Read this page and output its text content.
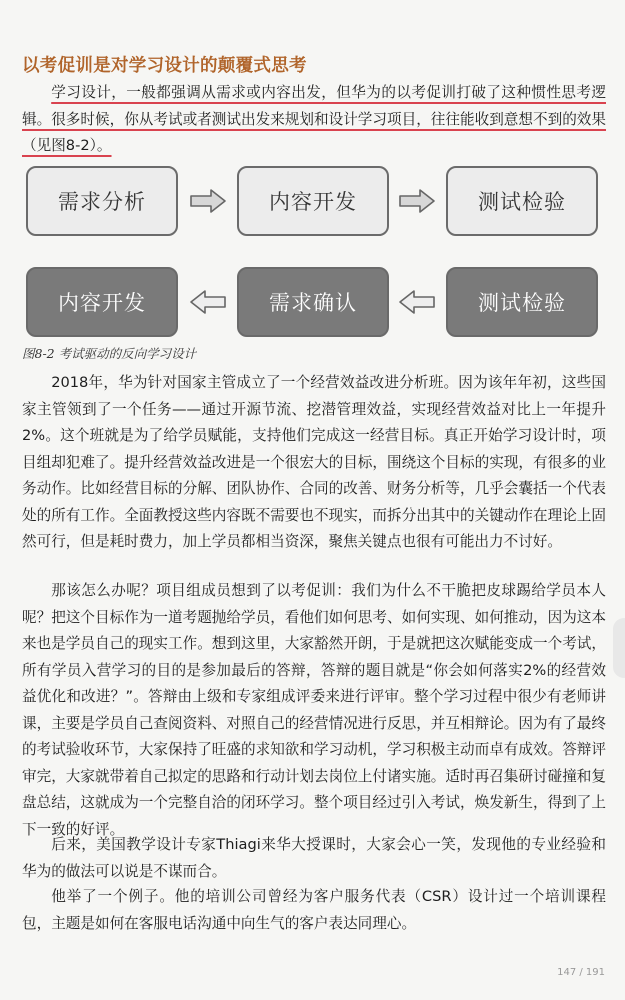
以考促训是对学习设计的颠覆式思考

学习设计，一般都强调从需求或内容出发，但华为的以考促训打破了这种惯性思考逻辑。很多时候，你从考试或者测试出发来规划和设计学习项目，往往能收到意想不到的效果（见图8-2）。

需求分析	内容开发	测试检验
内容开发	需求确认	测试检验
图8-2 考试驱动的反向学习设计

2018年，华为针对国家主管成立了一个经营效益改进分析班。因为该年年初，这些国家主管领到了一个任务——通过开源节流、挖潜管理效益，实现经营效益对比上一年提升2%。这个班就是为了给学员赋能，支持他们完成这一经营目标。真正开始学习设计时，项目组却犯难了。提升经营效益改进是一个很宏大的目标，围绕这个目标的实现，有很多的业务动作。比如经营目标的分解、团队协作、合同的改善、财务分析等，几乎会囊括一个代表处的所有工作。全面教授这些内容既不需要也不现实，而拆分出其中的关键动作在理论上固然可行，但是耗时费力，加上学员都相当资深，聚焦关键点也很有可能出力不讨好。

那该怎么办呢？项目组成员想到了以考促训：我们为什么不干脆把皮球踢给学员本人呢？把这个目标作为一道考题抛给学员，看他们如何思考、如何实现、如何推动，因为这本来也是学员自己的现实工作。想到这里，大家豁然开朗，于是就把这次赋能变成一个考试，所有学员入营学习的目的是参加最后的答辩，答辩的题目就是“你会如何落实2%的经营效益优化和改进？”。答辩由上级和专家组成评委来进行评审。整个学习过程中很少有老师讲课，主要是学员自己查阅资料、对照自己的经营情况进行反思，并互相辩论。因为有了最终的考试验收环节，大家保持了旺盛的求知欲和学习动机，学习积极主动而卓有成效。答辩评审完，大家就带着自己拟定的思路和行动计划去岗位上付诸实施。适时再召集研讨碰撞和复盘总结，这就成为一个完整自洽的闭环学习。整个项目经过引入考试，焕发新生，得到了上下一致的好评。

后来，美国教学设计专家Thiagi来华大授课时，大家会心一笑，发现他的专业经验和华为的做法可以说是不谋而合。

他举了一个例子。他的培训公司曾经为客户服务代表（CSR）设计过一个培训课程包，主题是如何在客服电话沟通中向生气的客户表达同理心。

147 / 191
